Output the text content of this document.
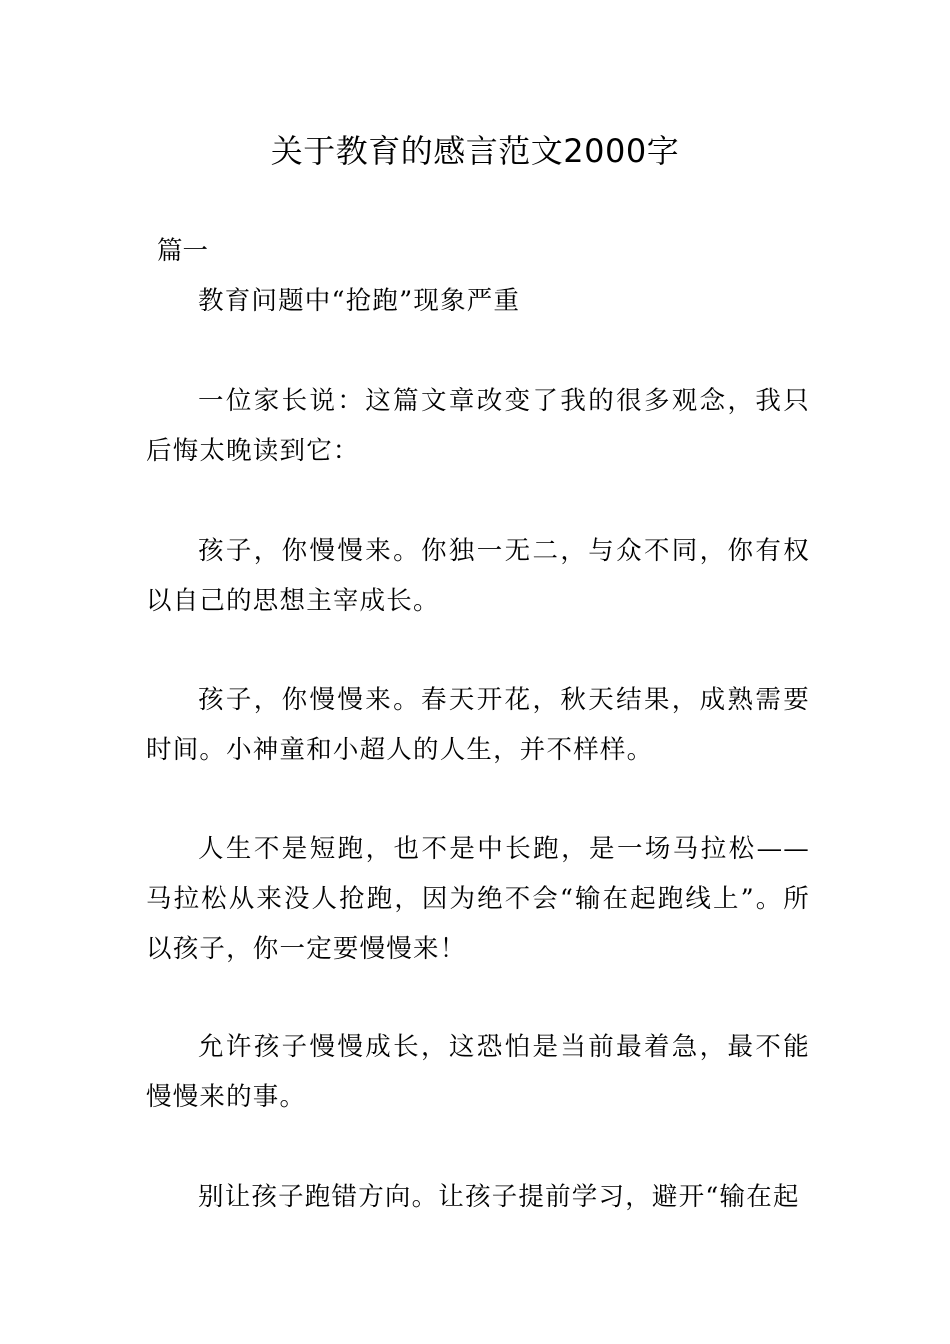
关于教育的感言范文2000字

篇一

教育问题中“抢跑”现象严重

一位家长说：这篇文章改变了我的很多观念，我只后悔太晚读到它：

孩子，你慢慢来。你独一无二，与众不同，你有权以自己的思想主宰成长。

孩子，你慢慢来。春天开花，秋天结果，成熟需要时间。小神童和小超人的人生，并不样样。

人生不是短跑，也不是中长跑，是一场马拉松——马拉松从来没人抢跑，因为绝不会“输在起跑线上”。所以孩子，你一定要慢慢来！

允许孩子慢慢成长，这恐怕是当前最着急，最不能慢慢来的事。

别让孩子跑错方向。让孩子提前学习，避开“输在起
